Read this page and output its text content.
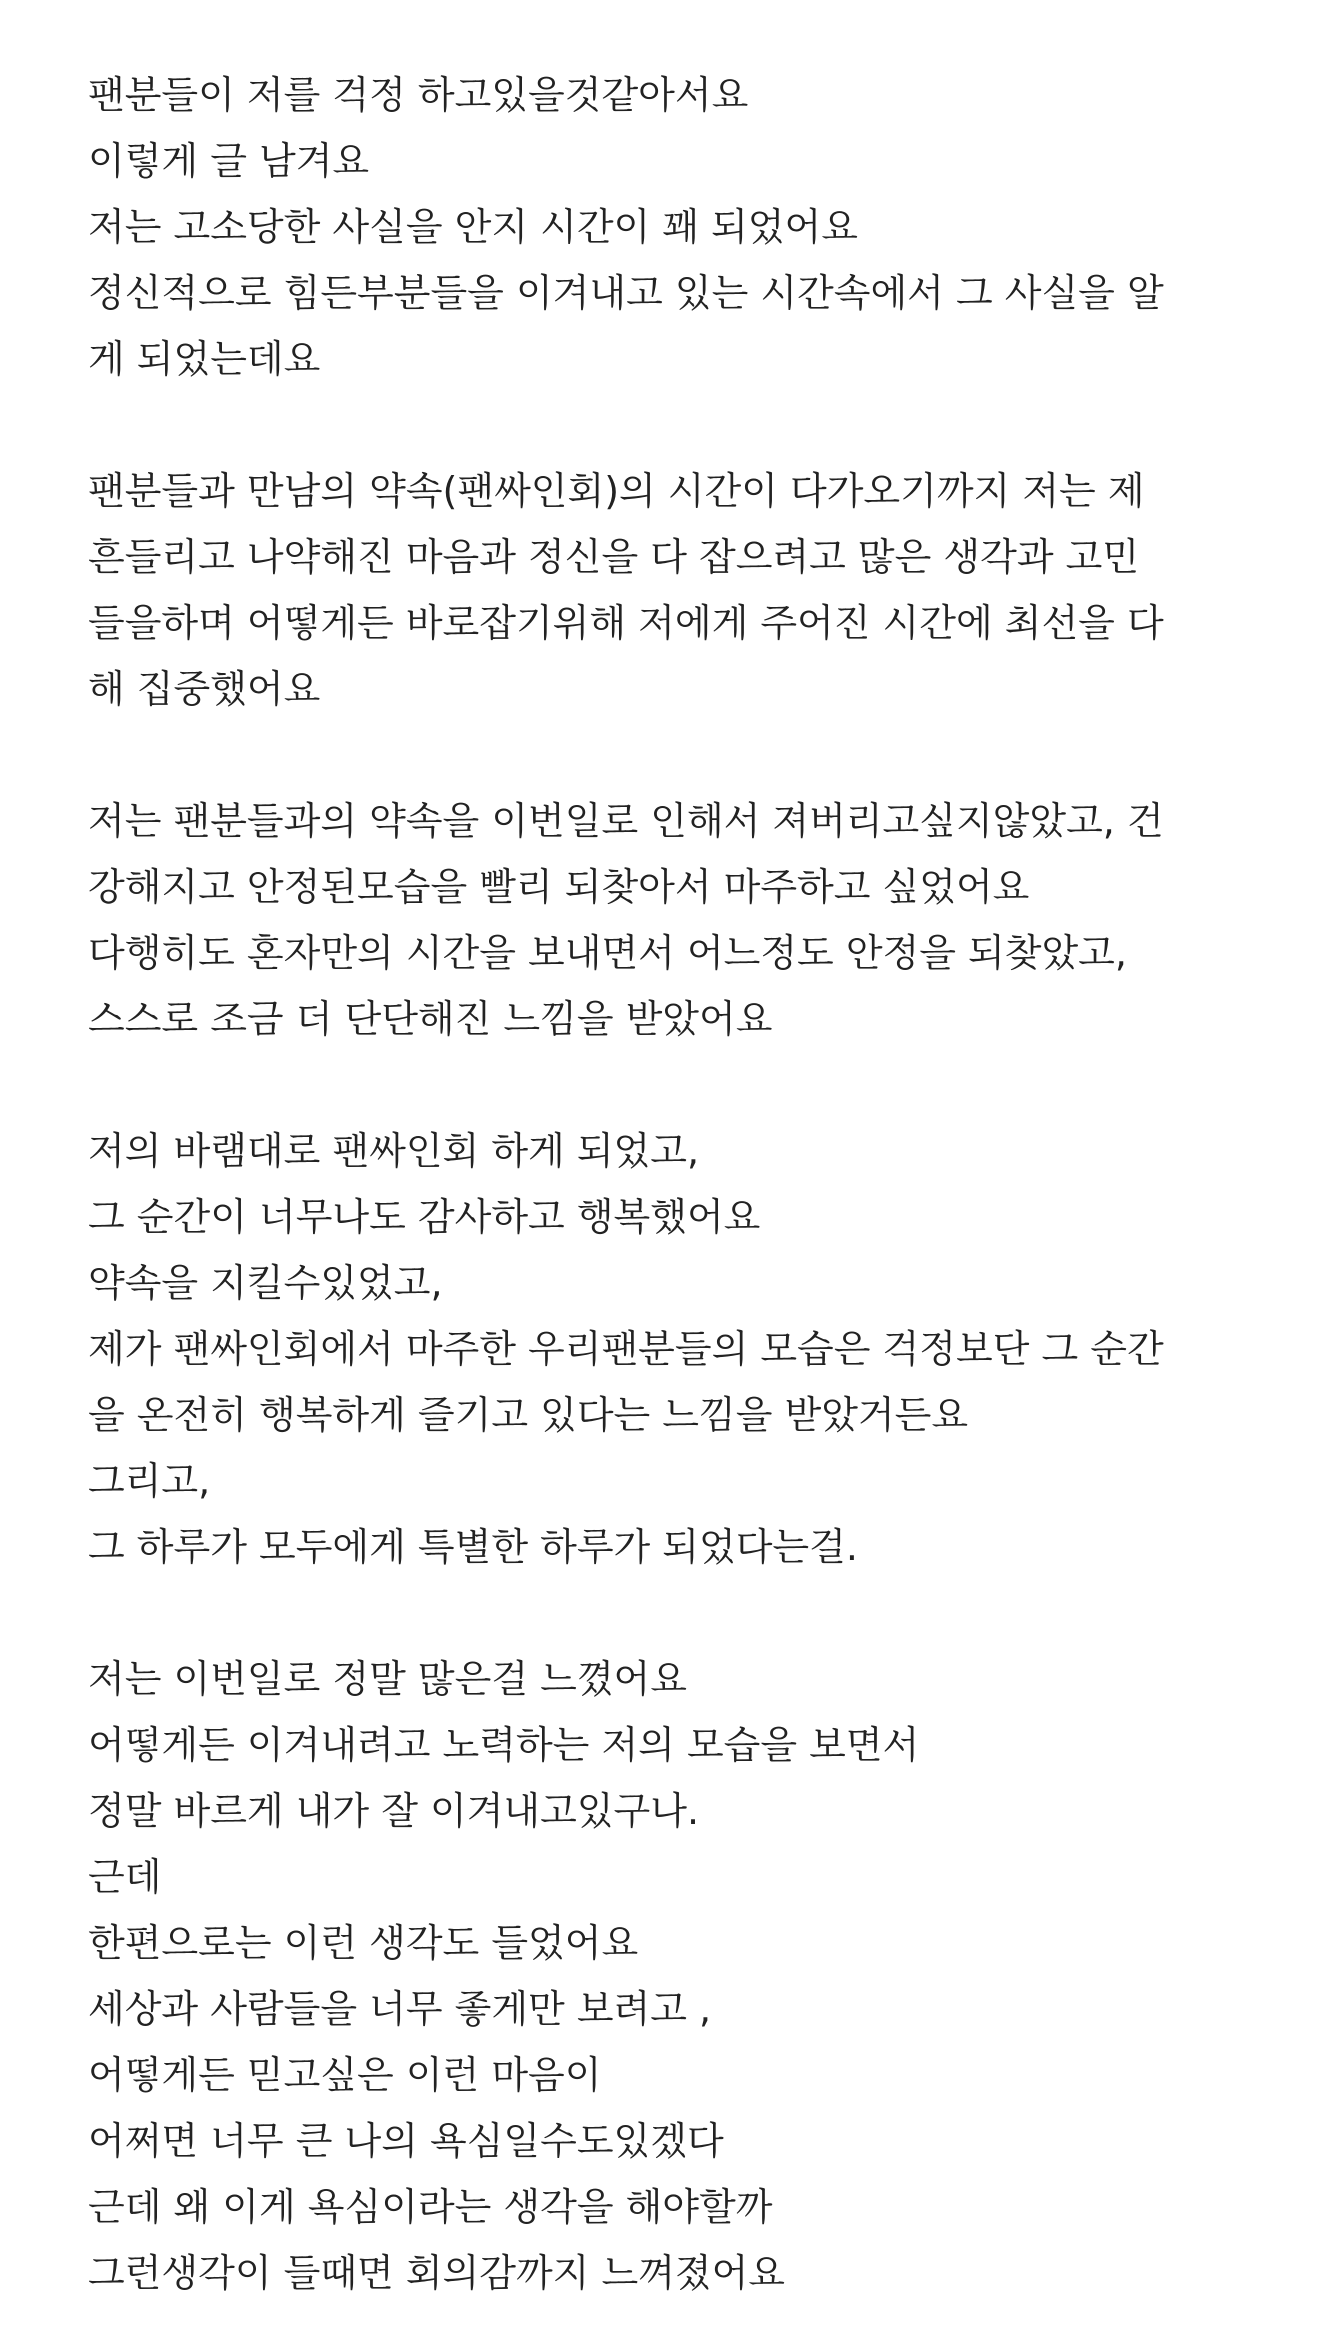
팬분들이 저를 걱정 하고있을것같아서요
이렇게 글 남겨요
저는 고소당한 사실을 안지 시간이 꽤 되었어요
정신적으로 힘든부분들을 이겨내고 있는 시간속에서 그 사실을 알
게 되었는데요
팬분들과 만남의 약속(팬싸인회)의 시간이 다가오기까지 저는 제
흔들리고 나약해진 마음과 정신을 다 잡으려고 많은 생각과 고민
들을하며 어떻게든 바로잡기위해 저에게 주어진 시간에 최선을 다
해 집중했어요
저는 팬분들과의 약속을 이번일로 인해서 져버리고싶지않았고, 건
강해지고 안정된모습을 빨리 되찾아서 마주하고 싶었어요
다행히도 혼자만의 시간을 보내면서 어느정도 안정을 되찾았고,
스스로 조금 더 단단해진 느낌을 받았어요
저의 바램대로 팬싸인회 하게 되었고,
그 순간이 너무나도 감사하고 행복했어요
약속을 지킬수있었고,
제가 팬싸인회에서 마주한 우리팬분들의 모습은 걱정보단 그 순간
을 온전히 행복하게 즐기고 있다는 느낌을 받았거든요
그리고,
그 하루가 모두에게 특별한 하루가 되었다는걸.
저는 이번일로 정말 많은걸 느꼈어요
어떻게든 이겨내려고 노력하는 저의 모습을 보면서
정말 바르게 내가 잘 이겨내고있구나.
근데
한편으로는 이런 생각도 들었어요
세상과 사람들을 너무 좋게만 보려고 ,
어떻게든 믿고싶은 이런 마음이
어쩌면 너무 큰 나의 욕심일수도있겠다
근데 왜 이게 욕심이라는 생각을 해야할까
그런생각이 들때면 회의감까지 느껴졌어요
